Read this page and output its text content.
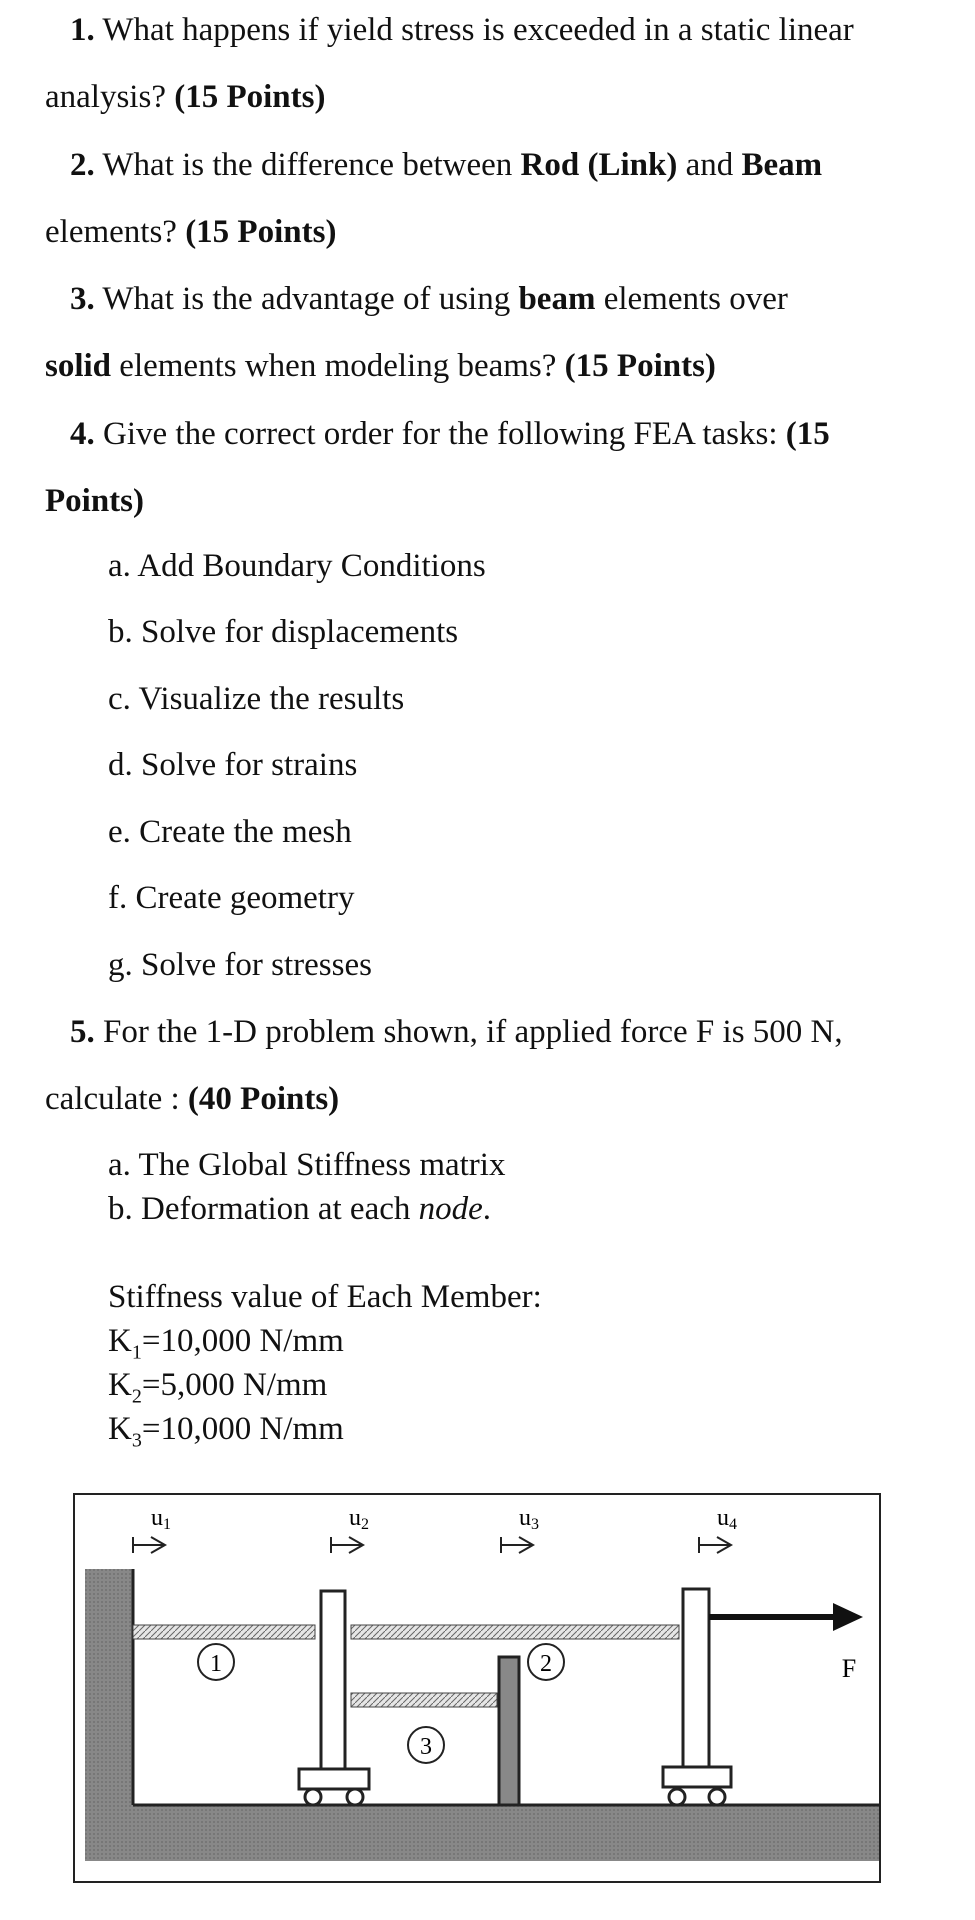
1. What happens if yield stress is exceeded in a static linear
analysis? (15 Points)
2. What is the difference between Rod (Link) and Beam
elements? (15 Points)
3. What is the advantage of using beam elements over
solid elements when modeling beams? (15 Points)
4. Give the correct order for the following FEA tasks: (15
Points)
a. Add Boundary Conditions
b. Solve for displacements
c. Visualize the results
d. Solve for strains
e. Create the mesh
f. Create geometry
g. Solve for stresses
5. For the 1-D problem shown, if applied force F is 500 N,
calculate : (40 Points)
a. The Global Stiffness matrix
b. Deformation at each node.
Stiffness value of Each Member:
$K_1=10,000$ N/mm
$K_2=5,000$ N/mm
$K_3=10,000$ N/mm
F
1	2
3
u1	u2	u3	u4
